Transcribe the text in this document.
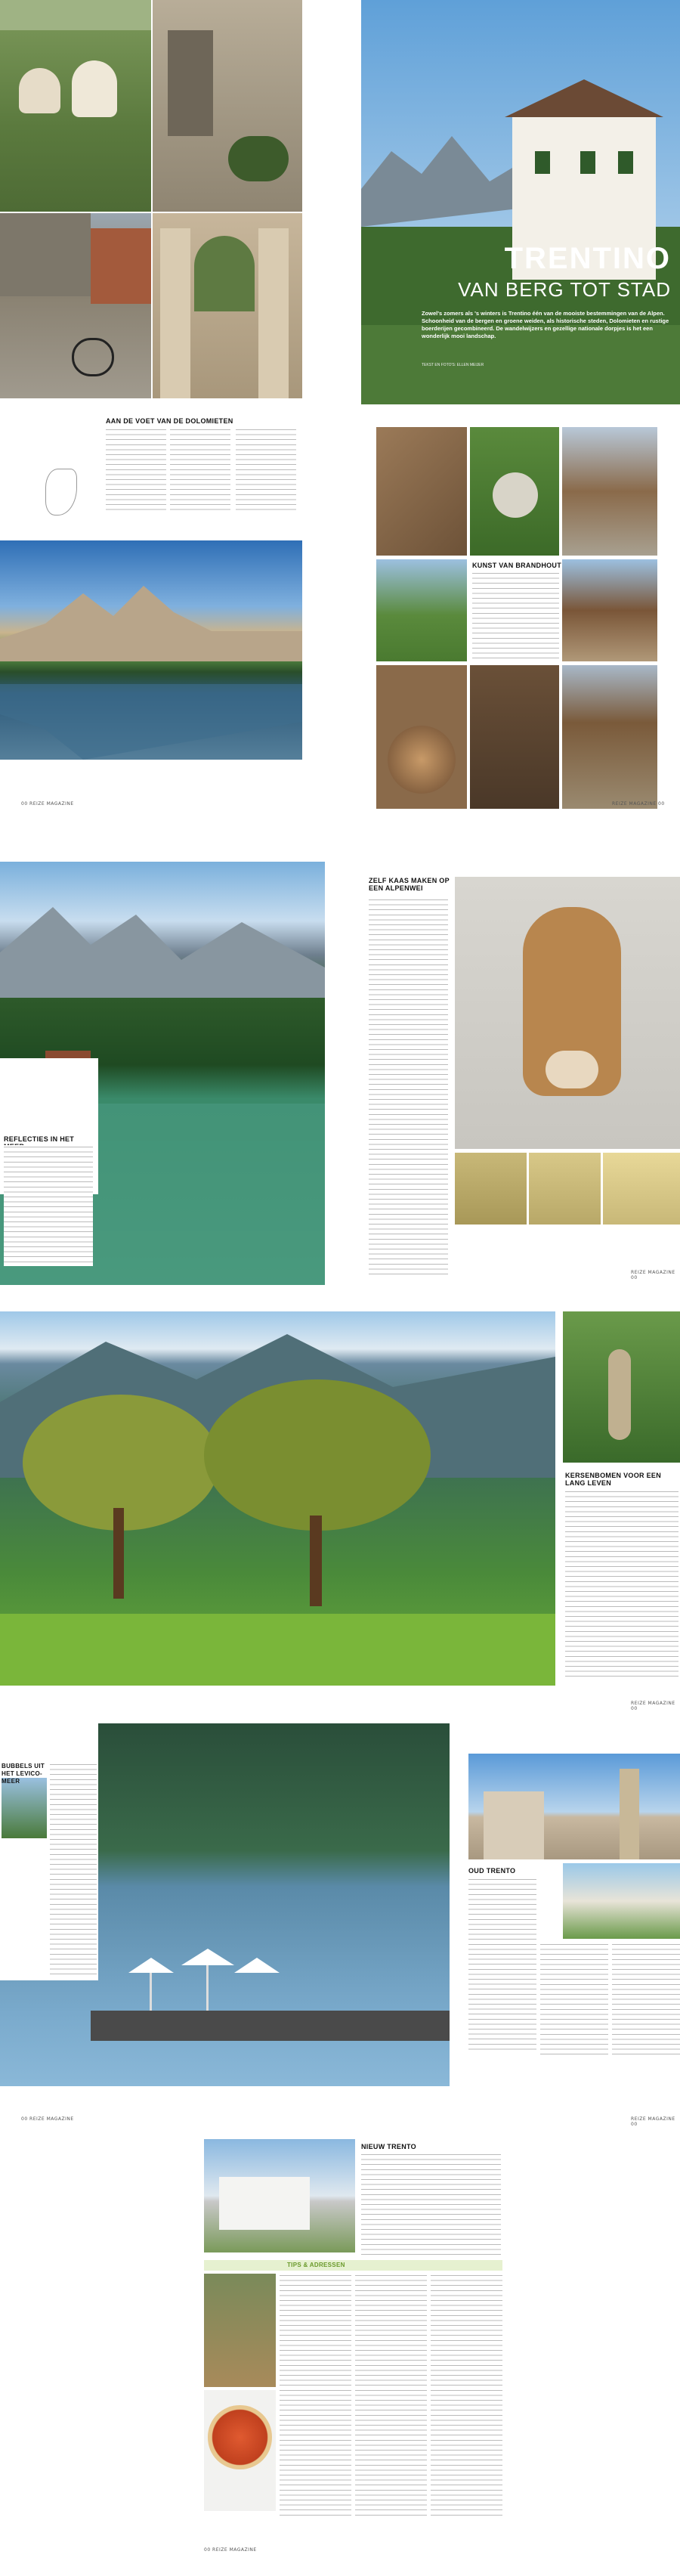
AAN DE VOET VAN DE DOLOMIETEN
00 REIZE MAGAZINE
TRENTINO
VAN BERG TOT STAD
Zowel's zomers als 's winters is Trentino één van de mooiste bestemmingen van de Alpen. Schoonheid van de bergen en groene weiden, als historische steden, Dolomieten en rustige boerderijen gecombineerd. De wandelwijzers en gezellige nationale dorpjes is het een wonderlijk mooi landschap.
TEKST EN FOTO'S: ELLEN MEIJER
KUNST VAN BRANDHOUT
REIZE MAGAZINE 00
REFLECTIES IN HET
ZELF KAAS MAKEN OP EEN ALPENWEI
REIZE MAGAZINE 00
KERSENBOMEN VOOR EEN LANG LEVEN
REIZE MAGAZINE 00
BUBBELS UIT HET LEVICO-MEER
OUD TRENTO
00 REIZE MAGAZINE	REIZE MAGAZINE 00
NIEUW TRENTO
TIPS & ADRESSEN
00 REIZE MAGAZINE
